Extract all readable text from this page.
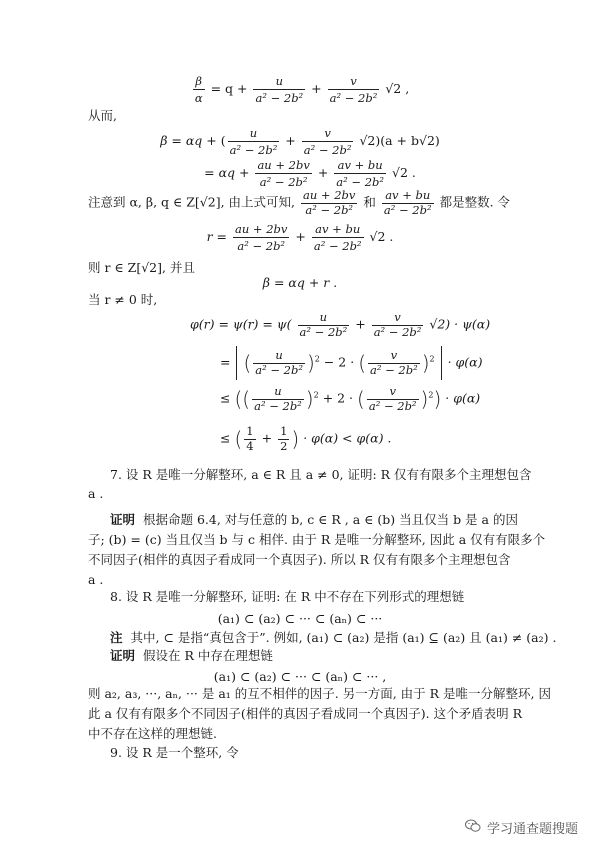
$\frac{\beta}{\alpha} = q + \frac{u}{\text{a² − 2b²}} + \frac{v}{\text{a² − 2b²}} √2$ ,
从而,
β = αq + ( $\frac{u}{\text{a² − 2b²}} + \frac{v}{\text{a² − 2b²}} √2)(a + b√2)$
= $\alpha q + \frac{au + 2bv}{\text{a² − 2b²}} + \frac{av + bu}{\text{a² − 2b²}} √2$ .
注意到 α, β, q ∈ Z[√2], 由上式可知, $\frac{au + 2bv}{\text{a² − 2b²}}$ 和 $\frac{av + bu}{\text{a² − 2b²}}$ 都是整数. 令
$r = \frac{au + 2bv}{\text{a² − 2b²}} + \frac{av + bu}{\text{a² − 2b²}} √2$ .
则 r ∈ Z[√2], 并且
β = αq + r .
当 r ≠ 0 时,
$\varphi(r) = \psi(r) = \psi( \frac{u}{\text{a² − 2b²}} + \frac{v}{\text{a² − 2b²}} √2) \cdot \psi(\alpha)$
= ( $\frac{u}{\text{a² − 2b²}} )^2 - 2$ · ( $\frac{v}{\text{a² − 2b²}} )^2 \cdot \varphi(\alpha)$
≤ (( $\frac{u}{\text{a² − 2b²}} )^2 + 2$ · ( $\frac{v}{\text{a² − 2b²}} )^2) \cdot \varphi(\alpha)$
≤ ( $\frac{1}{4} + \frac{1}{2}$ ) · φ(α) < φ(α) .
7. 设 R 是唯一分解整环, a ∈ R 且 a ≠ 0, 证明: R 仅有有限多个主理想包含
a .
证明 根据命题 6.4, 对与任意的 b, c ∈ R , a ∈ (b) 当且仅当 b 是 a 的因
子; (b) = (c) 当且仅当 b 与 c 相伴. 由于 R 是唯一分解整环, 因此 a 仅有有限多个
不同因子(相伴的真因子看成同一个真因子). 所以 R 仅有有限多个主理想包含
a .
8. 设 R 是唯一分解整环, 证明: 在 R 中不存在下列形式的理想链
(a₁) ⊂ (a₂) ⊂ ··· ⊂ (aₙ) ⊂ ···
注 其中, ⊂ 是指“真包含于”. 例如, (a₁) ⊂ (a₂) 是指 (a₁) ⊆ (a₂) 且 (a₁) ≠ (a₂) .
证明 假设在 R 中存在理想链
(a₁) ⊂ (a₂) ⊂ ··· ⊂ (aₙ) ⊂ ··· ,
则 a₂, a₃, ···, aₙ, ··· 是 a₁ 的互不相伴的因子. 另一方面, 由于 R 是唯一分解整环, 因
此 a 仅有有限多个不同因子(相伴的真因子看成同一个真因子). 这个矛盾表明 R
中不存在这样的理想链.
9. 设 R 是一个整环, 令
学习通查题搜题
